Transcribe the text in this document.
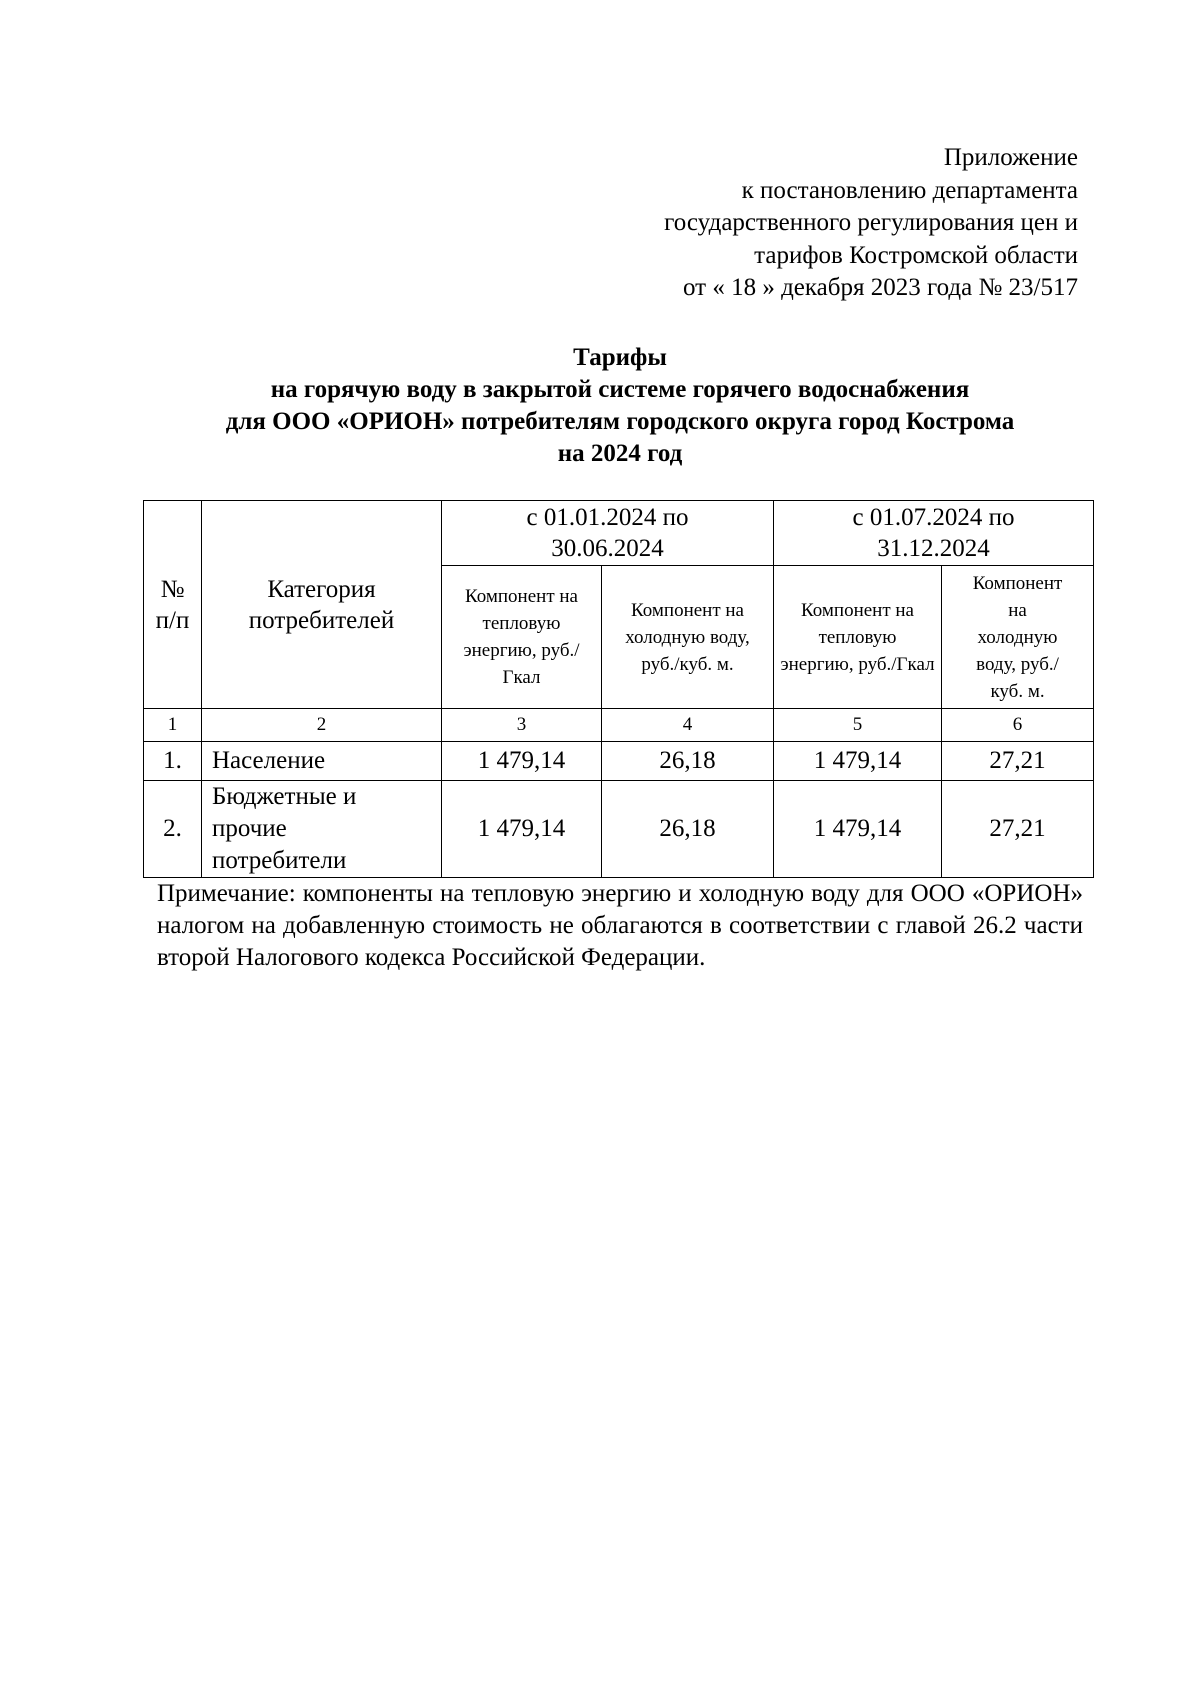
Приложение
к постановлению департамента
государственного регулирования цен и
тарифов Костромской области
от « 18 » декабря 2023 года № 23/517
Тарифы
на горячую воду в закрытой системе горячего водоснабжения
для ООО «ОРИОН» потребителям городского округа город Кострома
на 2024 год
№ п/п	Категория потребителей	с 01.01.2024 по 30.06.2024		с 01.07.2024 по 31.12.2024	
		Компонент на тепловую энергию, руб./Гкал	Компонент на холодную воду, руб./куб. м.	Компонент на тепловую энергию, руб./Гкал	Компонент на холодную воду, руб./куб. м.
1	2	3	4	5	6
1.	Население	1 479,14	26,18	1 479,14	27,21
2.	Бюджетные и прочие потребители	1 479,14	26,18	1 479,14	27,21
Примечание: компоненты на тепловую энергию и холодную воду для ООО «ОРИОН» налогом на добавленную стоимость не облагаются в соответствии с главой 26.2 части второй Налогового кодекса Российской Федерации.
